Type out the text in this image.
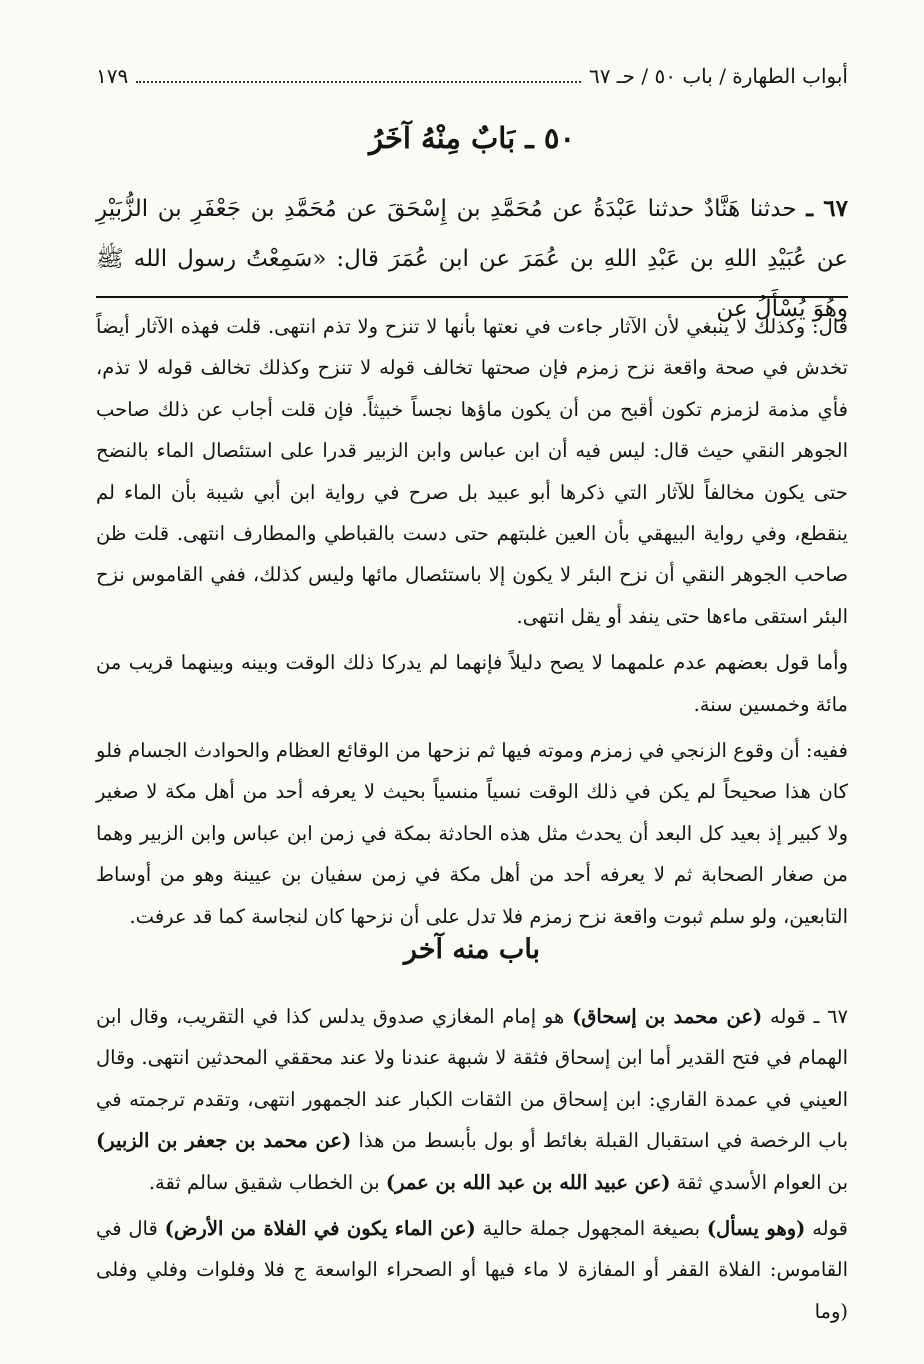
أبواب الطهارة / باب ٥٠ / حـ ٦٧
١٧٩
٥٠ ـ بَابٌ مِنْهُ آخَرُ
٦٧ ـ حدثنا هَنَّادٌ حدثنا عَبْدَةُ عن مُحَمَّدِ بن إِسْحَقَ عن مُحَمَّدِ بن جَعْفَرِ بن الزُّبَيْرِ عن عُبَيْدِ اللهِ بن عَبْدِ اللهِ بن عُمَرَ عن ابن عُمَرَ قال: «سَمِعْتُ رسول الله ﷺ وهُوَ يُسْأَلُ عن

قال: وكذلك لا ينبغي لأن الآثار جاءت في نعتها بأنها لا تنزح ولا تذم انتهى. قلت فهذه الآثار أيضاً تخدش في صحة واقعة نزح زمزم فإن صحتها تخالف قوله لا تنزح وكذلك تخالف قوله لا تذم، فأي مذمة لزمزم تكون أقبح من أن يكون ماؤها نجساً خبيثاً. فإن قلت أجاب عن ذلك صاحب الجوهر النقي حيث قال: ليس فيه أن ابن عباس وابن الزبير قدرا على استئصال الماء بالنضح حتى يكون مخالفاً للآثار التي ذكرها أبو عبيد بل صرح في رواية ابن أبي شيبة بأن الماء لم ينقطع، وفي رواية البيهقي بأن العين غلبتهم حتى دست بالقباطي والمطارف انتهى. قلت ظن صاحب الجوهر النقي أن نزح البئر لا يكون إلا باستئصال مائها وليس كذلك، ففي القاموس نزح البئر استقى ماءها حتى ينفد أو يقل انتهى.

وأما قول بعضهم عدم علمهما لا يصح دليلاً فإنهما لم يدركا ذلك الوقت وبينه وبينهما قريب من مائة وخمسين سنة.

ففيه: أن وقوع الزنجي في زمزم وموته فيها ثم نزحها من الوقائع العظام والحوادث الجسام فلو كان هذا صحيحاً لم يكن في ذلك الوقت نسياً منسياً بحيث لا يعرفه أحد من أهل مكة لا صغير ولا كبير إذ بعيد كل البعد أن يحدث مثل هذه الحادثة بمكة في زمن ابن عباس وابن الزبير وهما من صغار الصحابة ثم لا يعرفه أحد من أهل مكة في زمن سفيان بن عيينة وهو من أوساط التابعين، ولو سلم ثبوت واقعة نزح زمزم فلا تدل على أن نزحها كان لنجاسة كما قد عرفت.

باب منه آخر

٦٧ ـ قوله (عن محمد بن إسحاق) هو إمام المغازي صدوق يدلس كذا في التقريب، وقال ابن الهمام في فتح القدير أما ابن إسحاق فثقة لا شبهة عندنا ولا عند محققي المحدثين انتهى. وقال العيني في عمدة القاري: ابن إسحاق من الثقات الكبار عند الجمهور انتهى، وتقدم ترجمته في باب الرخصة في استقبال القبلة بغائط أو بول بأبسط من هذا (عن محمد بن جعفر بن الزبير) بن العوام الأسدي ثقة (عن عبيد الله بن عبد الله بن عمر) بن الخطاب شقيق سالم ثقة.

قوله (وهو يسأل) بصيغة المجهول جملة حالية (عن الماء يكون في الفلاة من الأرض) قال في القاموس: الفلاة القفر أو المفازة لا ماء فيها أو الصحراء الواسعة ج فلا وفلوات وفلي وفلى (وما
